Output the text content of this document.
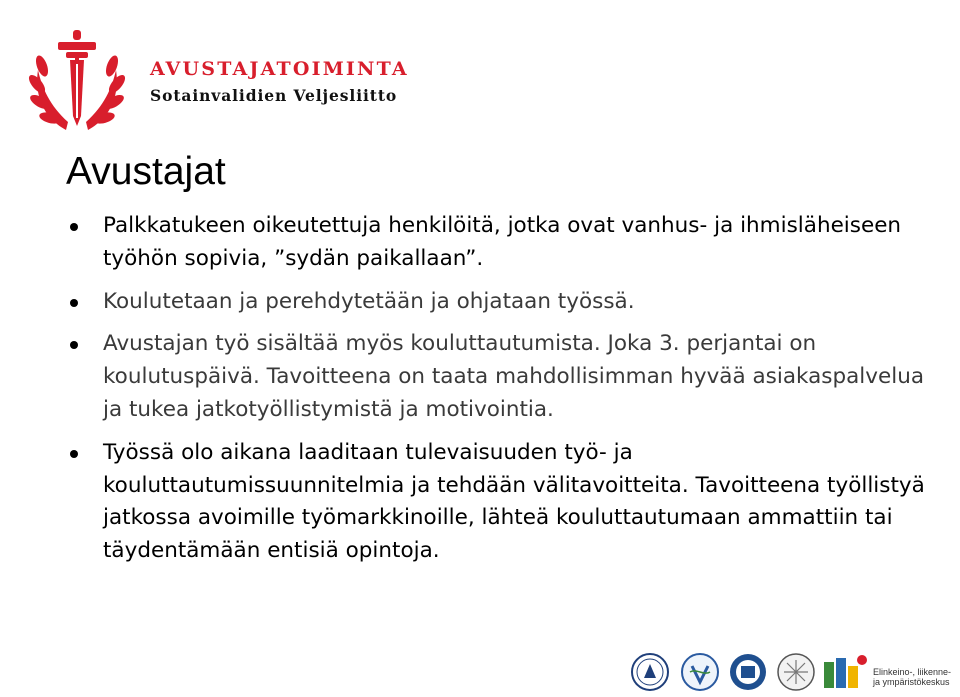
AVUSTAJATOIMINTA
Sotainvalidien Veljesliitto
Avustajat
Palkkatukeen oikeutettuja henkilöitä, jotka ovat vanhus- ja ihmisläheiseen työhön sopivia, ”sydän paikallaan”.
Koulutetaan ja perehdytetään ja ohjataan työssä.
Avustajan työ sisältää myös kouluttautumista. Joka 3. perjantai on koulutuspäivä. Tavoitteena on taata mahdollisimman hyvää asiakaspalvelua ja tukea jatkotyöllistymistä ja motivointia.
Työssä olo aikana laaditaan tulevaisuuden työ- ja kouluttautumissuunnitelmia ja tehdään välitavoitteita. Tavoitteena työllistyä jatkossa avoimille työmarkkinoille, lähteä kouluttautumaan ammattiin tai täydentämään entisiä opintoja.
Elinkeino-, liikenne- ja ympäristökeskus
